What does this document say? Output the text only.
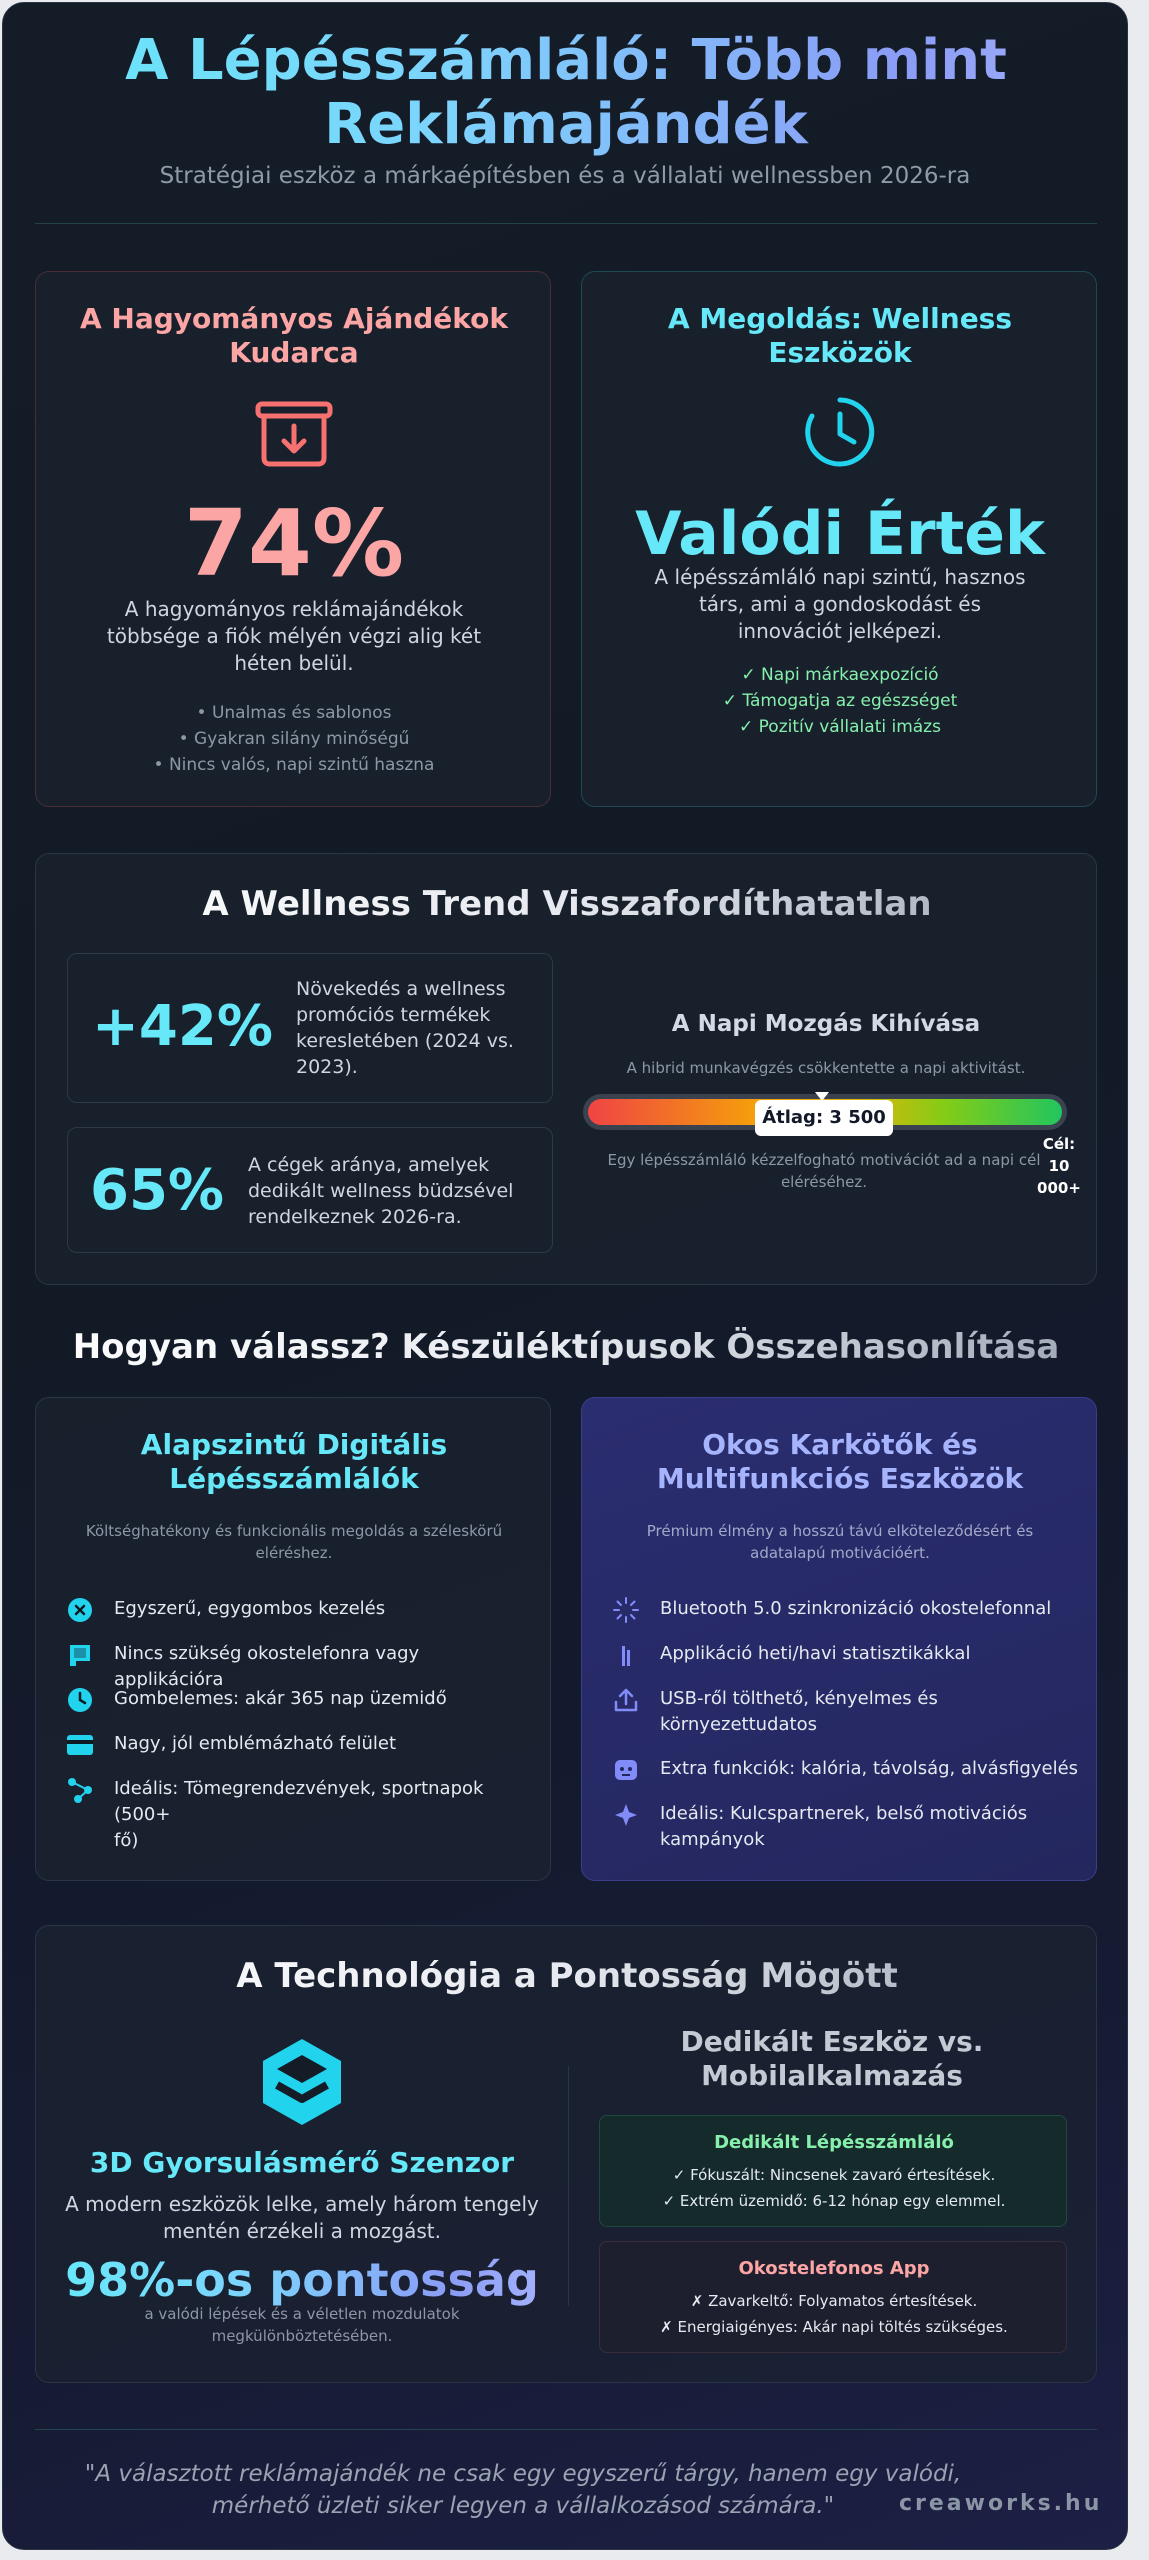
A Lépésszámláló: Több mint
Reklámajándék
Stratégiai eszköz a márkaépítésben és a vállalati wellnessben 2026-ra
A Hagyományos Ajándékok
Kudarca
74%
A hagyományos reklámajándékok
többsége a fiók mélyén végzi alig két
héten belül.
• Unalmas és sablonos
• Gyakran silány minőségű
• Nincs valós, napi szintű haszna
A Megoldás: Wellness
Eszközök
Valódi Érték
A lépésszámláló napi szintű, hasznos
társ, ami a gondoskodást és
innovációt jelképezi.
✓ Napi márkaexpozíció
✓ Támogatja az egészséget
✓ Pozitív vállalati imázs
A Wellness Trend Visszafordíthatatlan
+42%
Növekedés a wellness
promóciós termékek
keresletében (2024 vs.
2023).
65% A cégek aránya, amelyek
dedikált wellness büdzsével
rendelkeznek 2026-ra.
A Napi Mozgás Kihívása
A hibrid munkavégzés csökkentette a napi aktivitást.
Átlag: 3 500
Egy lépésszámláló kézzelfogható motivációt ad a napi cél
eléréséhez.
Cél:
10
000+
Hogyan válassz? Készüléktípusok Összehasonlítása
Alapszintű Digitális
Lépésszámlálók
Költséghatékony és funkcionális megoldás a széleskörű
eléréshez.
Egyszerű, egygombos kezelés
Nincs szükség okostelefonra vagy applikációra
Gombelemes: akár 365 nap üzemidő
Nagy, jól emblémázható felület
Ideális: Tömegrendezvények, sportnapok (500+
fő)
Okos Karkötők és
Multifunkciós Eszközök
Prémium élmény a hosszú távú elköteleződésért és
adatalapú motivációért.
Bluetooth 5.0 szinkronizáció okostelefonnal
Applikáció heti/havi statisztikákkal
USB-ről tölthető, kényelmes és
környezettudatos
Extra funkciók: kalória, távolság, alvásfigyelés
Ideális: Kulcspartnerek, belső motivációs
kampányok
A Technológia a Pontosság Mögött
3D Gyorsulásmérő Szenzor
A modern eszközök lelke, amely három tengely
mentén érzékeli a mozgást.
98%-os pontosság
a valódi lépések és a véletlen mozdulatok
megkülönböztetésében.
Dedikált Eszköz vs.
Mobilalkalmazás
Dedikált Lépésszámláló
✓ Fókuszált: Nincsenek zavaró értesítések.
✓ Extrém üzemidő: 6-12 hónap egy elemmel.
Okostelefonos App
✗ Zavarkeltő: Folyamatos értesítések.
✗ Energiaigényes: Akár napi töltés szükséges.
"A választott reklámajándék ne csak egy egyszerű tárgy, hanem egy valódi,
mérhető üzleti siker legyen a vállalkozásod számára."	creaworks.hu
